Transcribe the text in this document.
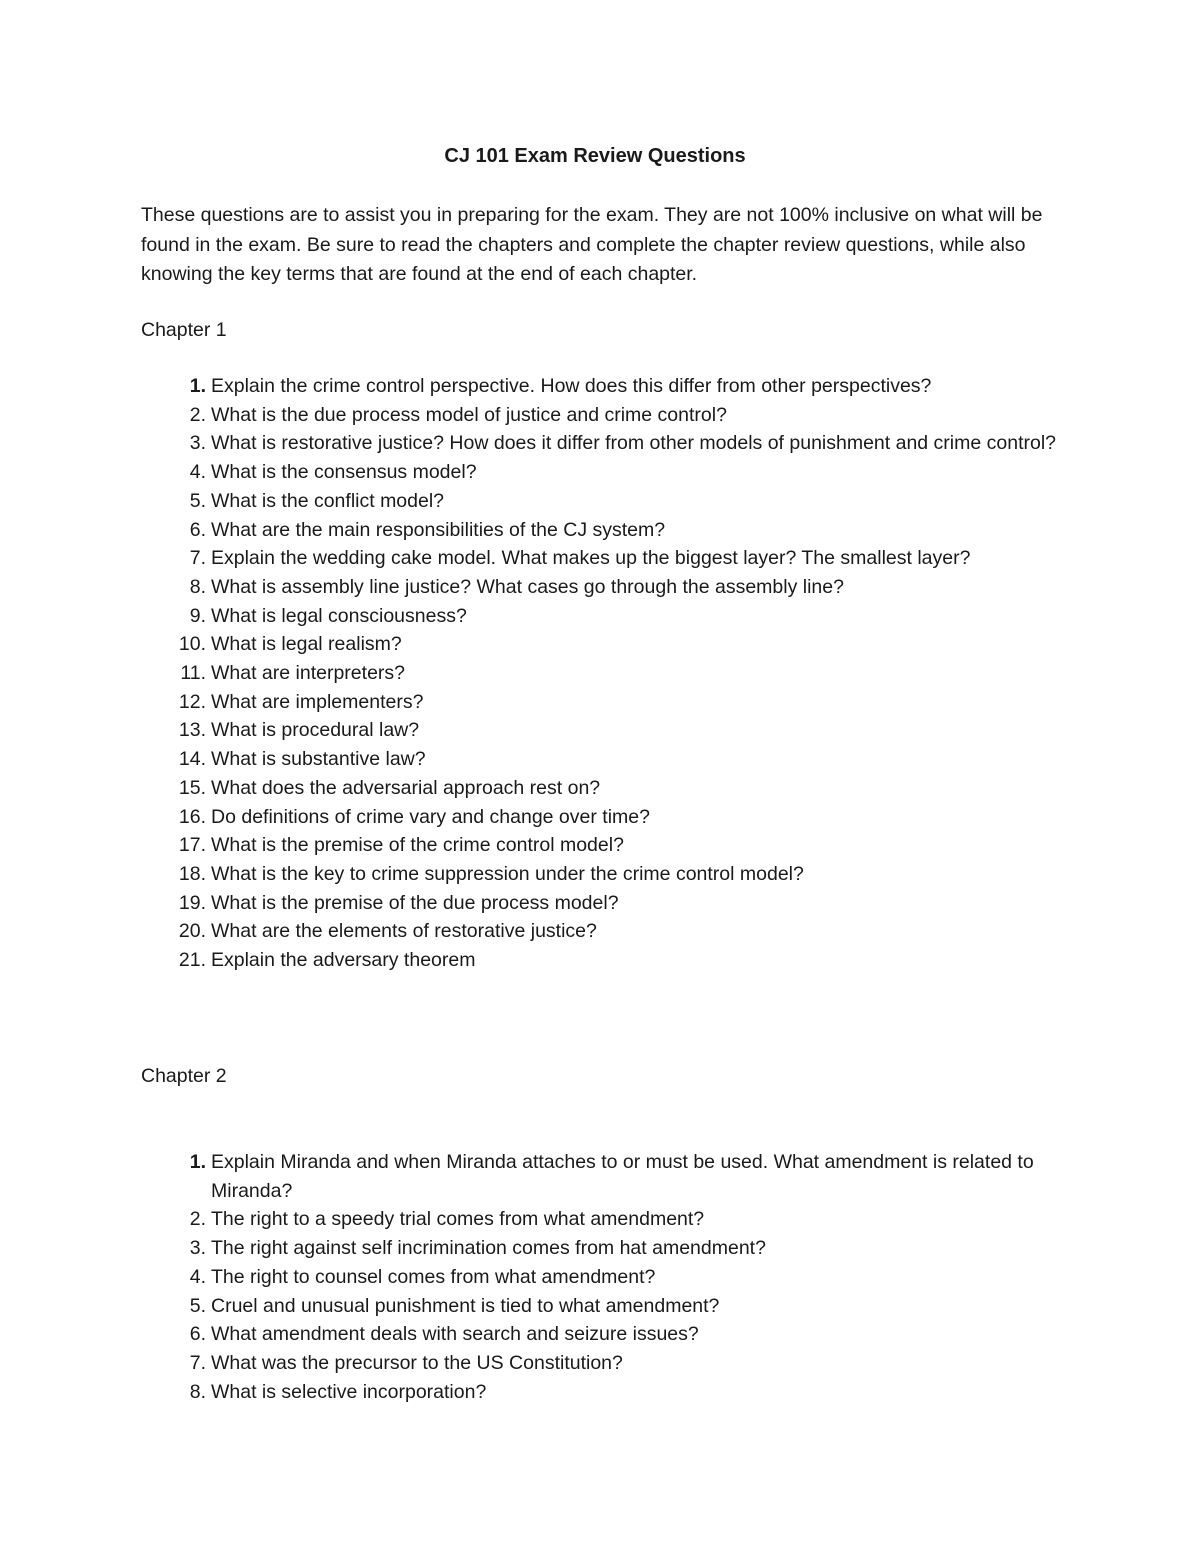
CJ 101 Exam Review Questions

These questions are to assist you in preparing for the exam. They are not 100% inclusive on what will be found in the exam. Be sure to read the chapters and complete the chapter review questions, while also knowing the key terms that are found at the end of each chapter.

Chapter 1
1. Explain the crime control perspective. How does this differ from other perspectives?
2. What is the due process model of justice and crime control?
3. What is restorative justice? How does it differ from other models of punishment and crime control?
4. What is the consensus model?
5. What is the conflict model?
6. What are the main responsibilities of the CJ system?
7. Explain the wedding cake model. What makes up the biggest layer? The smallest layer?
8. What is assembly line justice? What cases go through the assembly line?
9. What is legal consciousness?
10. What is legal realism?
11. What are interpreters?
12. What are implementers?
13. What is procedural law?
14. What is substantive law?
15. What does the adversarial approach rest on?
16. Do definitions of crime vary and change over time?
17. What is the premise of the crime control model?
18. What is the key to crime suppression under the crime control model?
19. What is the premise of the due process model?
20. What are the elements of restorative justice?
21. Explain the adversary theorem
Chapter 2
1. Explain Miranda and when Miranda attaches to or must be used. What amendment is related to Miranda?
2. The right to a speedy trial comes from what amendment?
3. The right against self incrimination comes from hat amendment?
4. The right to counsel comes from what amendment?
5. Cruel and unusual punishment is tied to what amendment?
6. What amendment deals with search and seizure issues?
7. What was the precursor to the US Constitution?
8. What is selective incorporation?
